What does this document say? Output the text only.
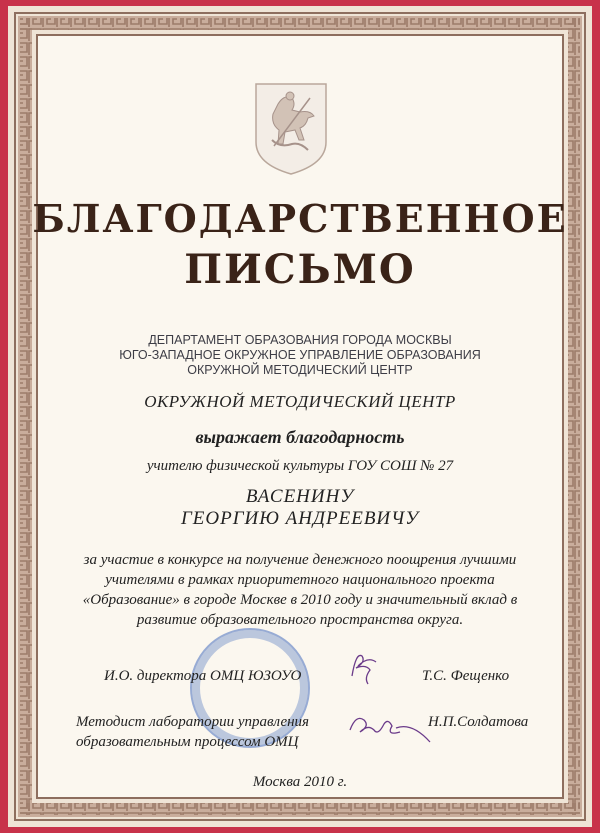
БЛАГОДАРСТВЕННОЕ
ПИСЬМО
ДЕПАРТАМЕНТ ОБРАЗОВАНИЯ ГОРОДА МОСКВЫ
ЮГО-ЗАПАДНОЕ ОКРУЖНОЕ УПРАВЛЕНИЕ ОБРАЗОВАНИЯ
ОКРУЖНОЙ МЕТОДИЧЕСКИЙ ЦЕНТР
ОКРУЖНОЙ МЕТОДИЧЕСКИЙ ЦЕНТР
выражает благодарность
учителю физической культуры ГОУ СОШ № 27
ВАСЕНИНУ
ГЕОРГИЮ АНДРЕЕВИЧУ
за участие в конкурсе на получение денежного поощрения лучшими
учителями в рамках приоритетного национального проекта
«Образование» в городе Москве в 2010 году и значительный вклад в
развитие образовательного пространства округа.
И.О. директора ОМЦ ЮЗОУО	Т.С. Фещенко
Методист лаборатории управления
образовательным процессом ОМЦ
Н.П.Солдатова
Москва 2010 г.
